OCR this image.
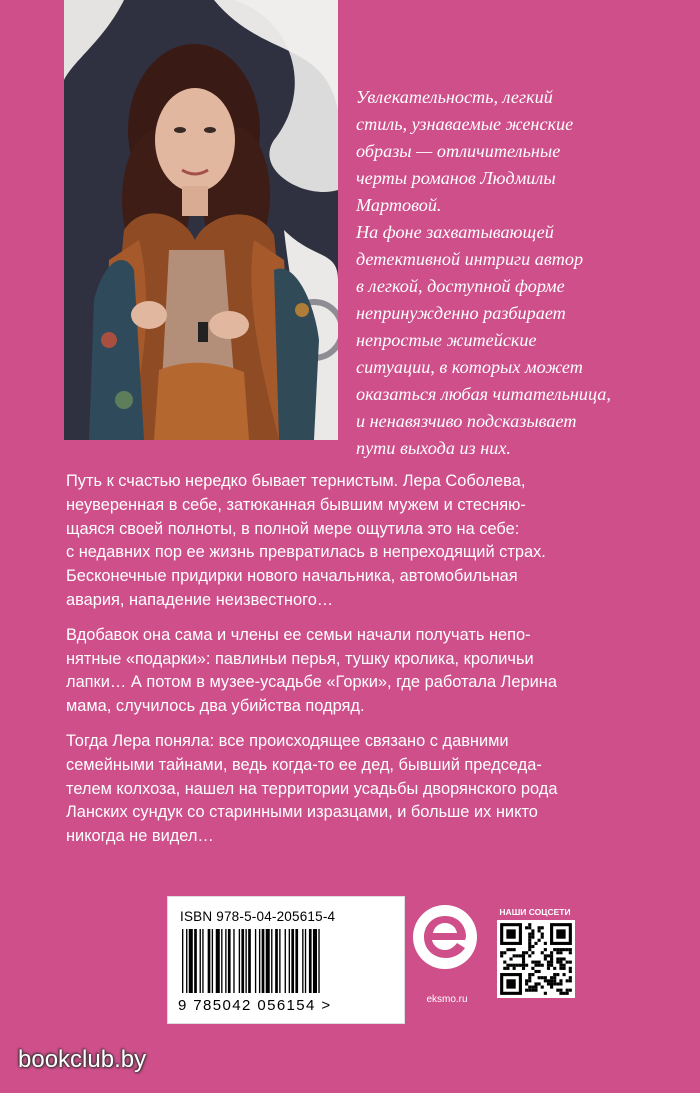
Увлекательность, легкий
стиль, узнаваемые женские
образы — отличительные
черты романов Людмилы
Мартовой.
На фоне захватывающей
детективной интриги автор
в легкой, доступной форме
непринужденно разбирает
непростые житейские
ситуации, в которых может
оказаться любая читательница,
и ненавязчиво подсказывает
пути выхода из них.

Путь к счастью нередко бывает тернистым. Лера Соболева,
неуверенная в себе, затюканная бывшим мужем и стесняю-
щаяся своей полноты, в полной мере ощутила это на себе:
с недавних пор ее жизнь превратилась в непреходящий страх.
Бесконечные придирки нового начальника, автомобильная
авария, нападение неизвестного…

Вдобавок она сама и члены ее семьи начали получать непо-
нятные «подарки»: павлиньи перья, тушку кролика, кроличьи
лапки… А потом в музее-усадьбе «Горки», где работала Лерина
мама, случилось два убийства подряд.

Тогда Лера поняла: все происходящее связано с давними
семейными тайнами, ведь когда-то ее дед, бывший председа-
телем колхоза, нашел на территории усадьбы дворянского рода
Ланских сундук со старинными изразцами, и больше их никто
никогда не видел…

ISBN 978-5-04-205615-4
9 785042 056154 >	eksmo.ru
НАШИ СОЦСЕТИ
bookclub.by
